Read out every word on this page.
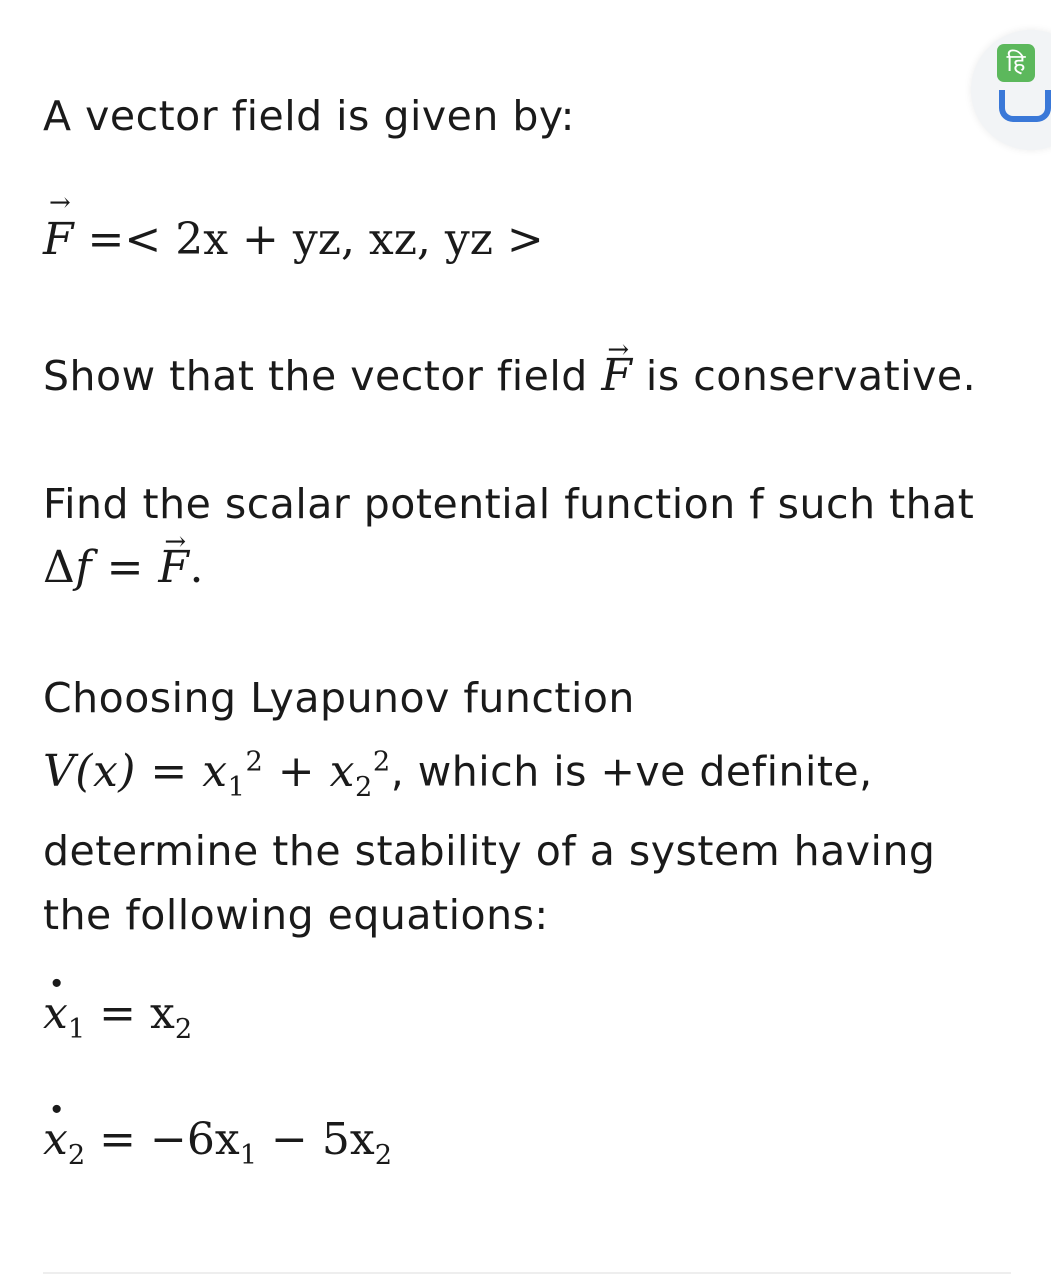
हि
A vector field is given by:
→ F =< 2x + yz, xz, yz >
Show that the vector field → F is conservative.
Find the scalar potential function f such that
Δf = → F.
Choosing Lyapunov function
$V(x) = x_1^2 + x_2^2$, which is +ve definite,
determine the stability of a system having
the following equations:
· $x_1 = x_2$
· $x_2 = -6x_1 - 5x_2$
